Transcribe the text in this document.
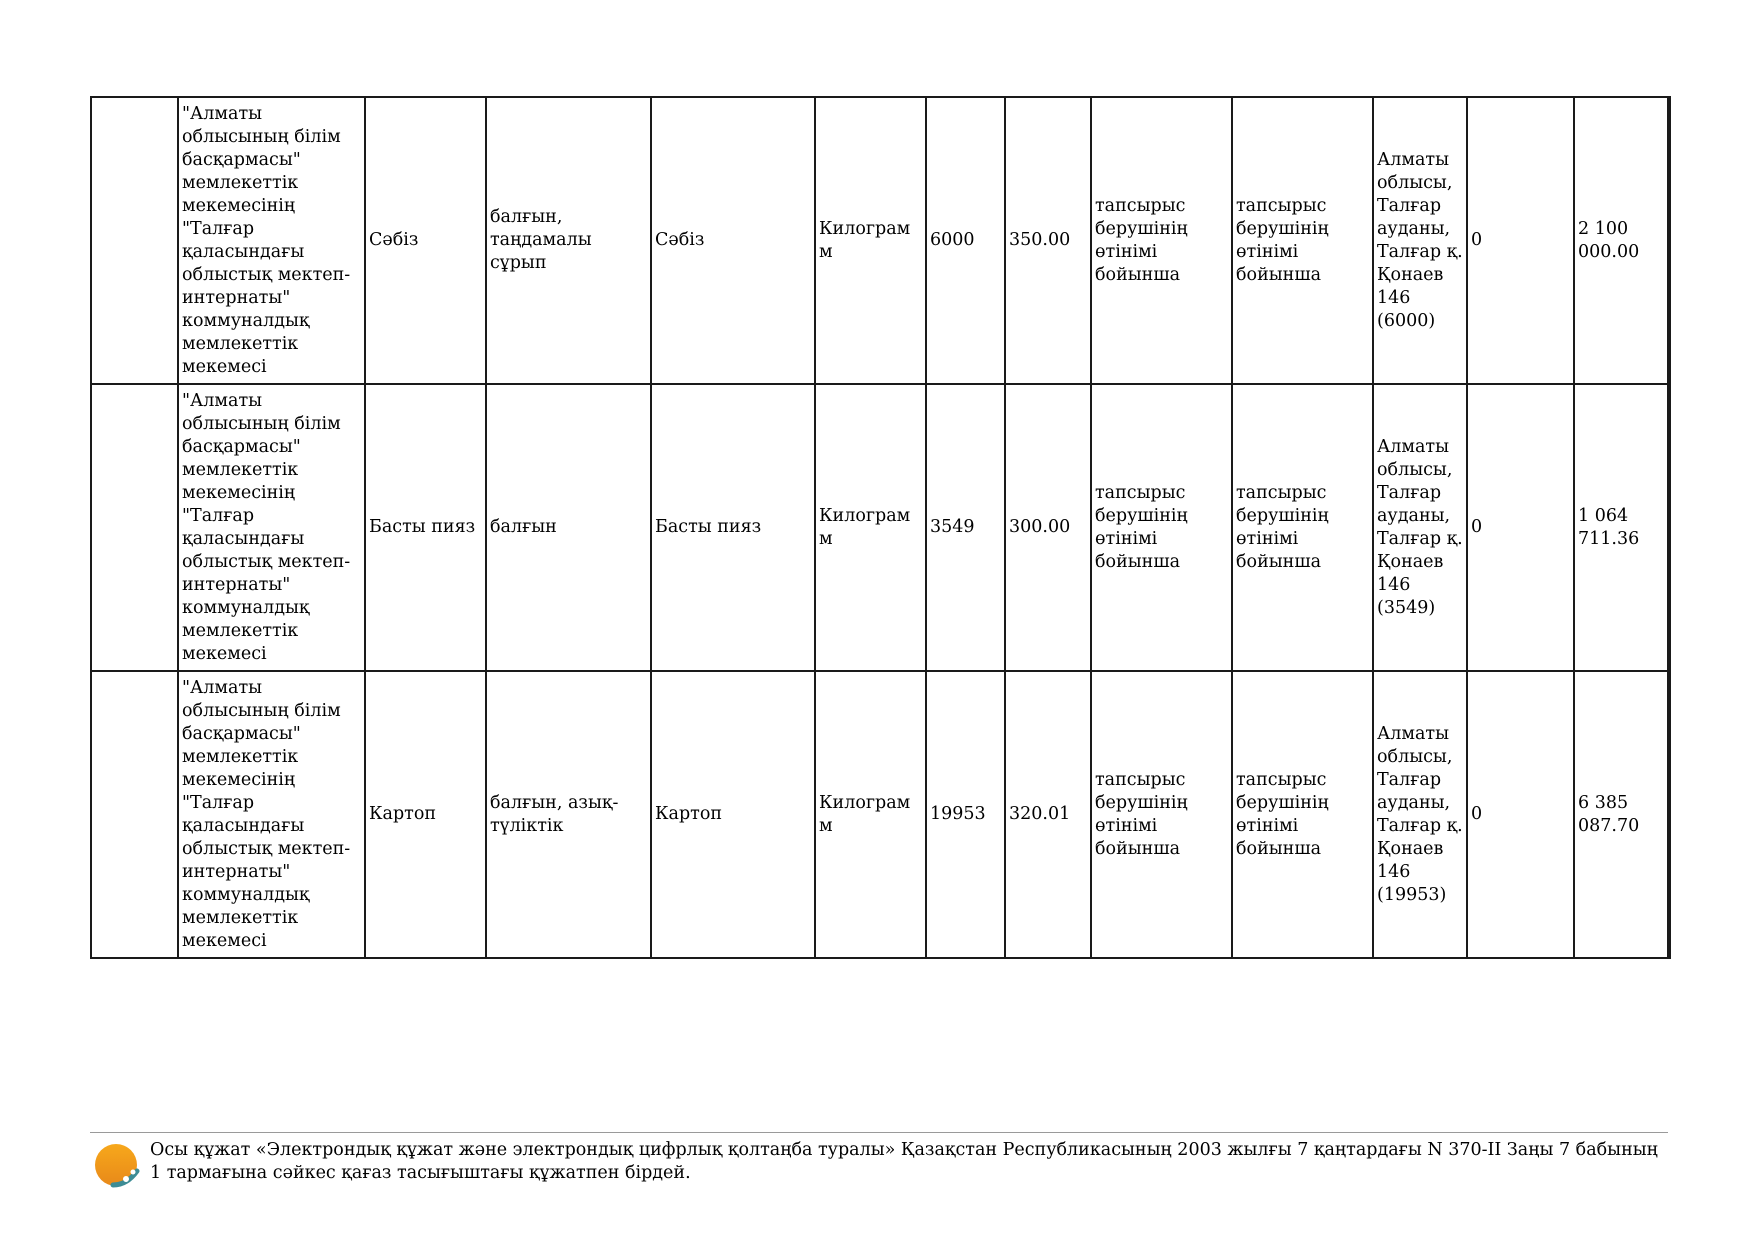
	"Алматы облысының білім басқармасы" мемлекеттік мекемесінің "Талғар қаласындағы облыстық мектеп-интернаты" коммуналдық мемлекеттік мекемесі	Сәбіз	балғын, таңдамалы сұрып	Сәбіз	Килограмм	6000	350.00	тапсырыс берушінің өтінімі бойынша	тапсырыс берушінің өтінімі бойынша	Алматы облысы, Талғар ауданы, Талғар қ. Қонаев 146 (6000)	0	2 100 000.00
	"Алматы облысының білім басқармасы" мемлекеттік мекемесінің "Талғар қаласындағы облыстық мектеп-интернаты" коммуналдық мемлекеттік мекемесі	Басты пияз	балғын	Басты пияз	Килограмм	3549	300.00	тапсырыс берушінің өтінімі бойынша	тапсырыс берушінің өтінімі бойынша	Алматы облысы, Талғар ауданы, Талғар қ. Қонаев 146 (3549)	0	1 064 711.36
	"Алматы облысының білім басқармасы" мемлекеттік мекемесінің "Талғар қаласындағы облыстық мектеп-интернаты" коммуналдық мемлекеттік мекемесі	Картоп	балғын, азық-түліктік	Картоп	Килограмм	19953	320.01	тапсырыс берушінің өтінімі бойынша	тапсырыс берушінің өтінімі бойынша	Алматы облысы, Талғар ауданы, Талғар қ. Қонаев 146 (19953)	0	6 385 087.70
Осы құжат «Электрондық құжат және электрондық цифрлық қолтаңба туралы» Қазақстан Республикасының 2003 жылғы 7 қаңтардағы N 370-II Заңы 7 бабының 1 тармағына сәйкес қағаз тасығыштағы құжатпен бірдей.
